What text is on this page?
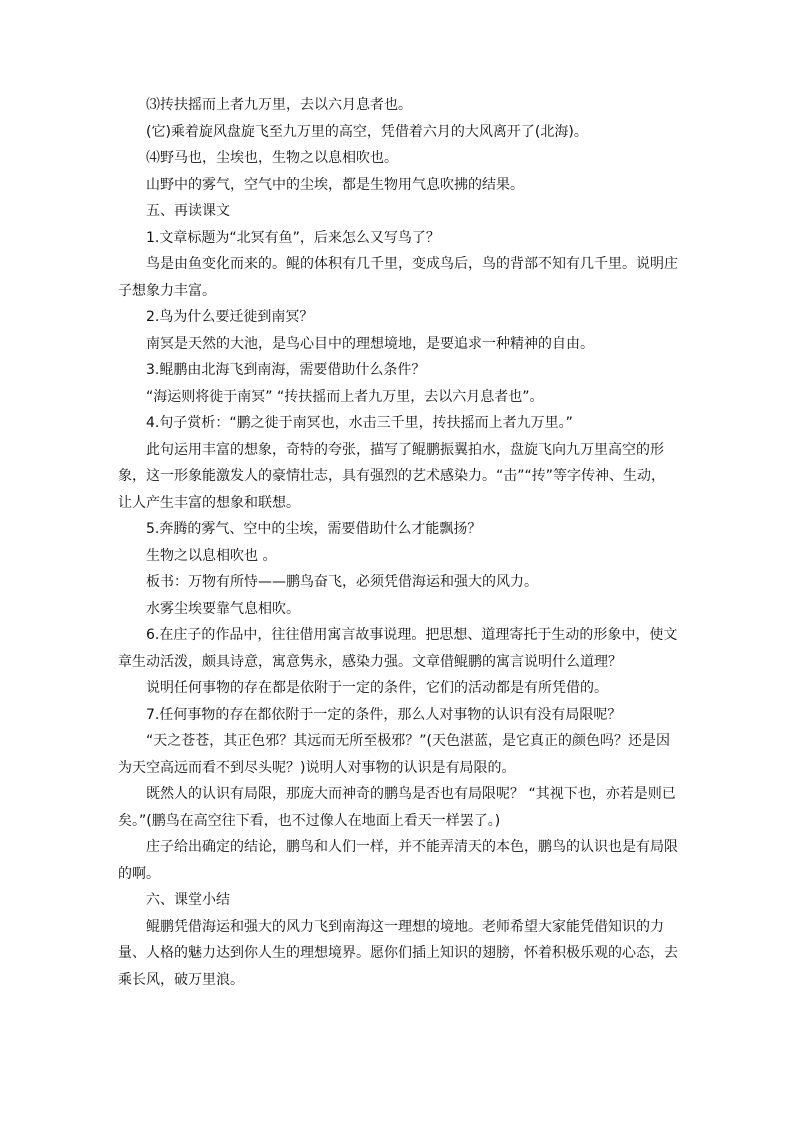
⑶抟扶摇而上者九万里，去以六月息者也。

(它)乘着旋风盘旋飞至九万里的高空，凭借着六月的大风离开了(北海)。

⑷野马也，尘埃也，生物之以息相吹也。

山野中的雾气，空气中的尘埃，都是生物用气息吹拂的结果。

五、再读课文

1.文章标题为“北冥有鱼”，后来怎么又写鸟了？

鸟是由鱼变化而来的。鲲的体积有几千里，变成鸟后，鸟的背部不知有几千里。说明庄子想象力丰富。

2.鸟为什么要迁徙到南冥？

南冥是天然的大池，是鸟心目中的理想境地，是要追求一种精神的自由。

3.鲲鹏由北海飞到南海，需要借助什么条件？

“海运则将徙于南冥” “抟扶摇而上者九万里，去以六月息者也”。

4.句子赏析：“鹏之徙于南冥也，水击三千里，抟扶摇而上者九万里。”

此句运用丰富的想象，奇特的夸张，描写了鲲鹏振翼拍水，盘旋飞向九万里高空的形象，这一形象能激发人的豪情壮志，具有强烈的艺术感染力。“击”“抟”等字传神、生动，让人产生丰富的想象和联想。

5.奔腾的雾气、空中的尘埃，需要借助什么才能飘扬？

生物之以息相吹也 。

板书：万物有所恃——鹏鸟奋飞，必须凭借海运和强大的风力。

水雾尘埃要靠气息相吹。

6.在庄子的作品中，往往借用寓言故事说理。把思想、道理寄托于生动的形象中，使文章生动活泼，颇具诗意，寓意隽永，感染力强。文章借鲲鹏的寓言说明什么道理？

说明任何事物的存在都是依附于一定的条件，它们的活动都是有所凭借的。

7.任何事物的存在都依附于一定的条件，那么人对事物的认识有没有局限呢？

“天之苍苍，其正色邪？其远而无所至极邪？”(天色湛蓝，是它真正的颜色吗？还是因为天空高远而看不到尽头呢？)说明人对事物的认识是有局限的。

既然人的认识有局限，那庞大而神奇的鹏鸟是否也有局限呢？ “其视下也，亦若是则已矣。”(鹏鸟在高空往下看，也不过像人在地面上看天一样罢了。)

庄子给出确定的结论，鹏鸟和人们一样，并不能弄清天的本色，鹏鸟的认识也是有局限的啊。

六、课堂小结

鲲鹏凭借海运和强大的风力飞到南海这一理想的境地。老师希望大家能凭借知识的力量、人格的魅力达到你人生的理想境界。愿你们插上知识的翅膀，怀着积极乐观的心态，去乘长风，破万里浪。
